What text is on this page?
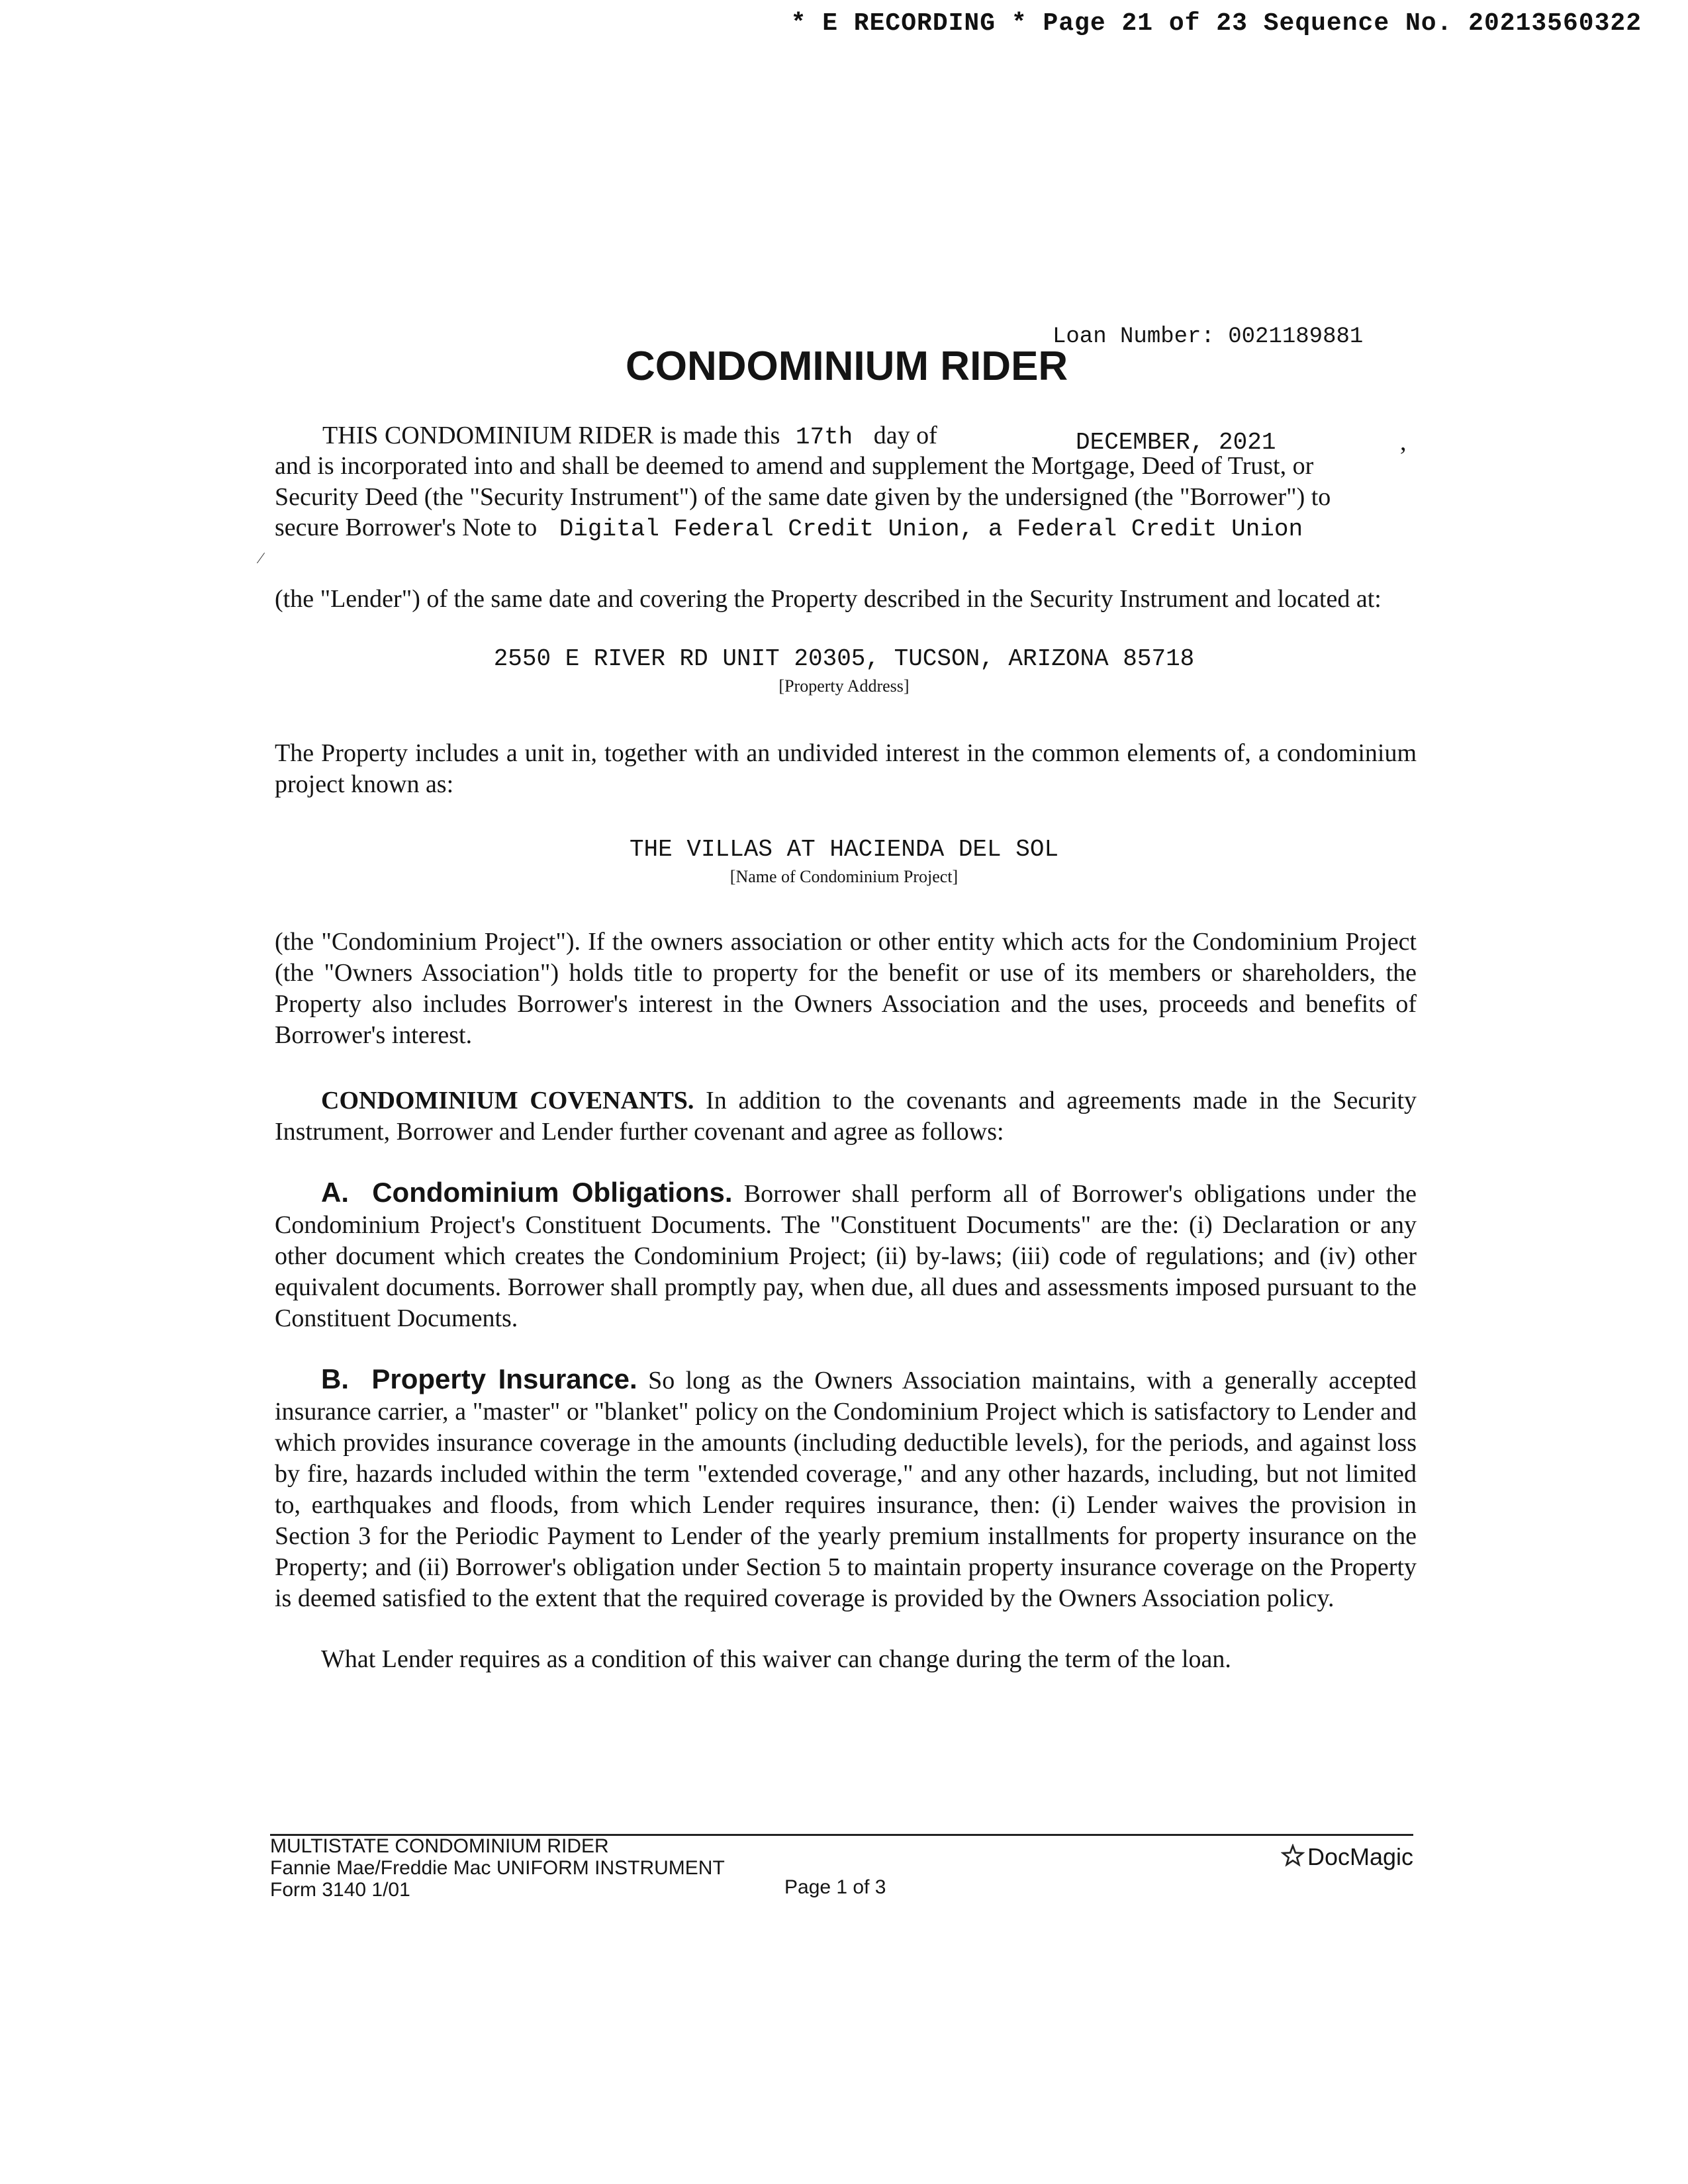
* E RECORDING * Page 21 of 23 Sequence No. 20213560322
Loan Number: 0021189881
CONDOMINIUM RIDER
THIS CONDOMINIUM RIDER is made this 17th day of	DECEMBER, 2021	,
and is incorporated into and shall be deemed to amend and supplement the Mortgage, Deed of Trust, or
Security Deed (the "Security Instrument") of the same date given by the undersigned (the "Borrower") to
secure Borrower's Note to Digital Federal Credit Union, a Federal Credit Union
∕
(the "Lender") of the same date and covering the Property described in the Security Instrument and located at:
2550 E RIVER RD UNIT 20305, TUCSON, ARIZONA 85718
[Property Address]
The Property includes a unit in, together with an undivided interest in the common elements of, a condominium project known as:
THE VILLAS AT HACIENDA DEL SOL
[Name of Condominium Project]
(the "Condominium Project"). If the owners association or other entity which acts for the Condominium Project (the "Owners Association") holds title to property for the benefit or use of its members or shareholders, the Property also includes Borrower's interest in the Owners Association and the uses, proceeds and benefits of Borrower's interest.
CONDOMINIUM COVENANTS. In addition to the covenants and agreements made in the Security Instrument, Borrower and Lender further covenant and agree as follows:
A. Condominium Obligations. Borrower shall perform all of Borrower's obligations under the Condominium Project's Constituent Documents. The "Constituent Documents" are the: (i) Declaration or any other document which creates the Condominium Project; (ii) by-laws; (iii) code of regulations; and (iv) other equivalent documents. Borrower shall promptly pay, when due, all dues and assessments imposed pursuant to the Constituent Documents.
B. Property Insurance. So long as the Owners Association maintains, with a generally accepted insurance carrier, a "master" or "blanket" policy on the Condominium Project which is satisfactory to Lender and which provides insurance coverage in the amounts (including deductible levels), for the periods, and against loss by fire, hazards included within the term "extended coverage," and any other hazards, including, but not limited to, earthquakes and floods, from which Lender requires insurance, then: (i) Lender waives the provision in Section 3 for the Periodic Payment to Lender of the yearly premium installments for property insurance on the Property; and (ii) Borrower's obligation under Section 5 to maintain property insurance coverage on the Property is deemed satisfied to the extent that the required coverage is provided by the Owners Association policy.
What Lender requires as a condition of this waiver can change during the term of the loan.
MULTISTATE CONDOMINIUM RIDER
Fannie Mae/Freddie Mac UNIFORM INSTRUMENT
Form 3140 1/01	Page 1 of 3
DocMagic
